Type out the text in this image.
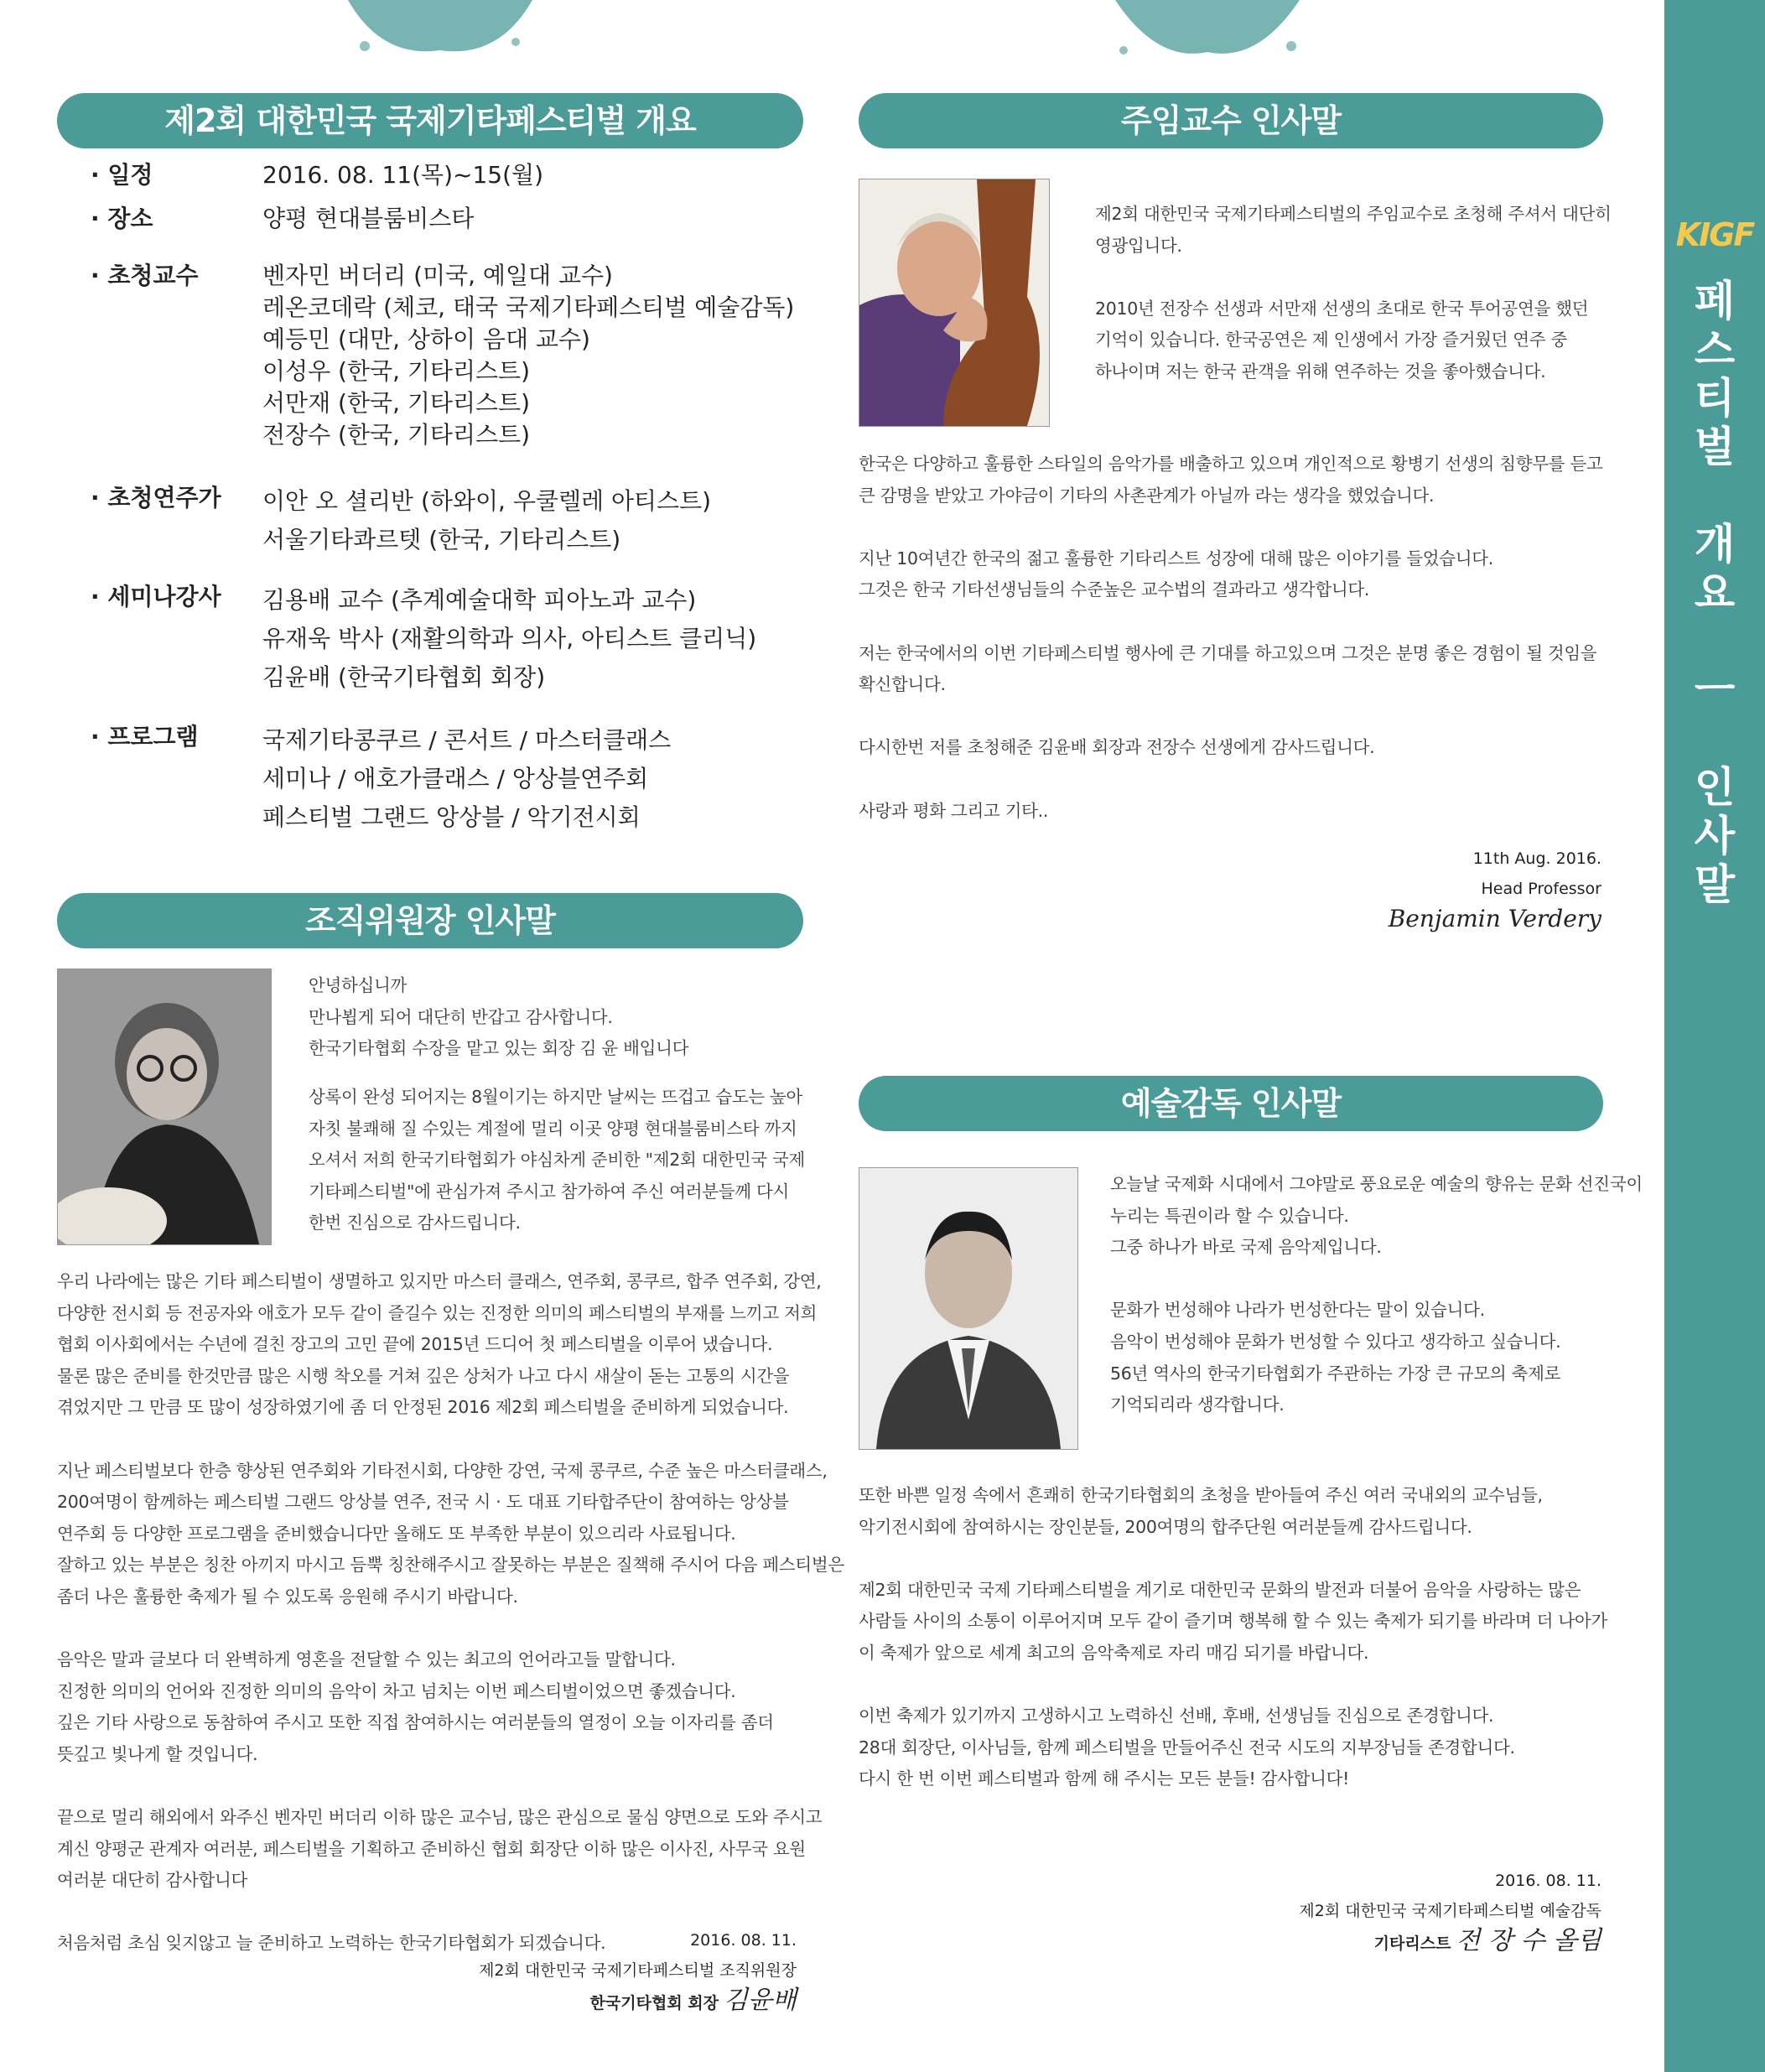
제2회 대한민국 국제기타페스티벌 개요
· 일정	2016. 08. 11(목)~15(월)
· 장소	양평 현대블룸비스타
· 초청교수	벤자민 버더리 (미국, 예일대 교수)
레온코데락 (체코, 태국 국제기타페스티벌 예술감독)
예등민 (대만, 상하이 음대 교수)
이성우 (한국, 기타리스트)
서만재 (한국, 기타리스트)
전장수 (한국, 기타리스트)
· 초청연주가	이안 오 셜리반 (하와이, 우쿨렐레 아티스트)
서울기타콰르텟 (한국, 기타리스트)
· 세미나강사	김용배 교수 (추계예술대학 피아노과 교수)
유재욱 박사 (재활의학과 의사, 아티스트 클리닉)
김윤배 (한국기타협회 회장)
· 프로그램	국제기타콩쿠르 / 콘서트 / 마스터클래스
세미나 / 애호가클래스 / 앙상블연주회
페스티벌 그랜드 앙상블 / 악기전시회
조직위원장 인사말

안녕하십니까
만나뵙게 되어 대단히 반갑고 감사합니다.
한국기타협회 수장을 맡고 있는 회장 김 윤 배입니다

상록이 완성 되어지는 8월이기는 하지만 날씨는 뜨겁고 습도는 높아
자칫 불쾌해 질 수있는 계절에 멀리 이곳 양평 현대블룸비스타 까지
오셔서 저희 한국기타협회가 야심차게 준비한 "제2회 대한민국 국제
기타페스티벌"에 관심가져 주시고 참가하여 주신 여러분들께 다시
한번 진심으로 감사드립니다.

우리 나라에는 많은 기타 페스티벌이 생멸하고 있지만 마스터 클래스, 연주회, 콩쿠르, 합주 연주회, 강연,
다양한 전시회 등 전공자와 애호가 모두 같이 즐길수 있는 진정한 의미의 페스티벌의 부재를 느끼고 저희
협회 이사회에서는 수년에 걸친 장고의 고민 끝에 2015년 드디어 첫 페스티벌을 이루어 냈습니다.
물론 많은 준비를 한것만큼 많은 시행 착오를 거쳐 깊은 상처가 나고 다시 새살이 돋는 고통의 시간을
겪었지만 그 만큼 또 많이 성장하였기에 좀 더 안정된 2016 제2회 페스티벌을 준비하게 되었습니다.

지난 페스티벌보다 한층 향상된 연주회와 기타전시회, 다양한 강연, 국제 콩쿠르, 수준 높은 마스터클래스,
200여명이 함께하는 페스티벌 그랜드 앙상블 연주, 전국 시 · 도 대표 기타합주단이 참여하는 앙상블
연주회 등 다양한 프로그램을 준비했습니다만 올해도 또 부족한 부분이 있으리라 사료됩니다.
잘하고 있는 부분은 칭찬 아끼지 마시고 듬뿍 칭찬해주시고 잘못하는 부분은 질책해 주시어 다음 페스티벌은
좀더 나은 훌륭한 축제가 될 수 있도록 응원해 주시기 바랍니다.

음악은 말과 글보다 더 완벽하게 영혼을 전달할 수 있는 최고의 언어라고들 말합니다.
진정한 의미의 언어와 진정한 의미의 음악이 차고 넘치는 이번 페스티벌이었으면 좋겠습니다.
깊은 기타 사랑으로 동참하여 주시고 또한 직접 참여하시는 여러분들의 열정이 오늘 이자리를 좀더
뜻깊고 빛나게 할 것입니다.

끝으로 멀리 해외에서 와주신 벤자민 버더리 이하 많은 교수님, 많은 관심으로 물심 양면으로 도와 주시고
계신 양평군 관계자 여러분, 페스티벌을 기획하고 준비하신 협회 회장단 이하 많은 이사진, 사무국 요원
여러분 대단히 감사합니다

처음처럼 초심 잊지않고 늘 준비하고 노력하는 한국기타협회가 되겠습니다.	2016. 08. 11.
제2회 대한민국 국제기타페스티벌 조직위원장
한국기타협회 회장 김윤배
주임교수 인사말

제2회 대한민국 국제기타페스티벌의 주임교수로 초청해 주셔서 대단히
영광입니다.

2010년 전장수 선생과 서만재 선생의 초대로 한국 투어공연을 했던
기억이 있습니다. 한국공연은 제 인생에서 가장 즐거웠던 연주 중
하나이며 저는 한국 관객을 위해 연주하는 것을 좋아했습니다.

한국은 다양하고 훌륭한 스타일의 음악가를 배출하고 있으며 개인적으로 황병기 선생의 침향무를 듣고
큰 감명을 받았고 가야금이 기타의 사촌관계가 아닐까 라는 생각을 했었습니다.

지난 10여년간 한국의 젊고 훌륭한 기타리스트 성장에 대해 많은 이야기를 들었습니다.
그것은 한국 기타선생님들의 수준높은 교수법의 결과라고 생각합니다.

저는 한국에서의 이번 기타페스티벌 행사에 큰 기대를 하고있으며 그것은 분명 좋은 경험이 될 것임을
확신합니다.

다시한번 저를 초청해준 김윤배 회장과 전장수 선생에게 감사드립니다.

사랑과 평화 그리고 기타..

11th Aug. 2016.
Head Professor
Benjamin Verdery
예술감독 인사말

오늘날 국제화 시대에서 그야말로 풍요로운 예술의 향유는 문화 선진국이
누리는 특권이라 할 수 있습니다.
그중 하나가 바로 국제 음악제입니다.

문화가 번성해야 나라가 번성한다는 말이 있습니다.
음악이 번성해야 문화가 번성할 수 있다고 생각하고 싶습니다.
56년 역사의 한국기타협회가 주관하는 가장 큰 규모의 축제로
기억되리라 생각합니다.

또한 바쁜 일정 속에서 흔쾌히 한국기타협회의 초청을 받아들여 주신 여러 국내외의 교수님들,
악기전시회에 참여하시는 장인분들, 200여명의 합주단원 여러분들께 감사드립니다.

제2회 대한민국 국제 기타페스티벌을 계기로 대한민국 문화의 발전과 더불어 음악을 사랑하는 많은
사람들 사이의 소통이 이루어지며 모두 같이 즐기며 행복해 할 수 있는 축제가 되기를 바라며 더 나아가
이 축제가 앞으로 세계 최고의 음악축제로 자리 매김 되기를 바랍니다.

이번 축제가 있기까지 고생하시고 노력하신 선배, 후배, 선생님들 진심으로 존경합니다.
28대 회장단, 이사님들, 함께 페스티벌을 만들어주신 전국 시도의 지부장님들 존경합니다.
다시 한 번 이번 페스티벌과 함께 해 주시는 모든 분들! 감사합니다!

2016. 08. 11.
제2회 대한민국 국제기타페스티벌 예술감독
기타리스트 전 장 수 올림
KIGF
페
스
티
벌

개
요

ㅡ

인
사
말
